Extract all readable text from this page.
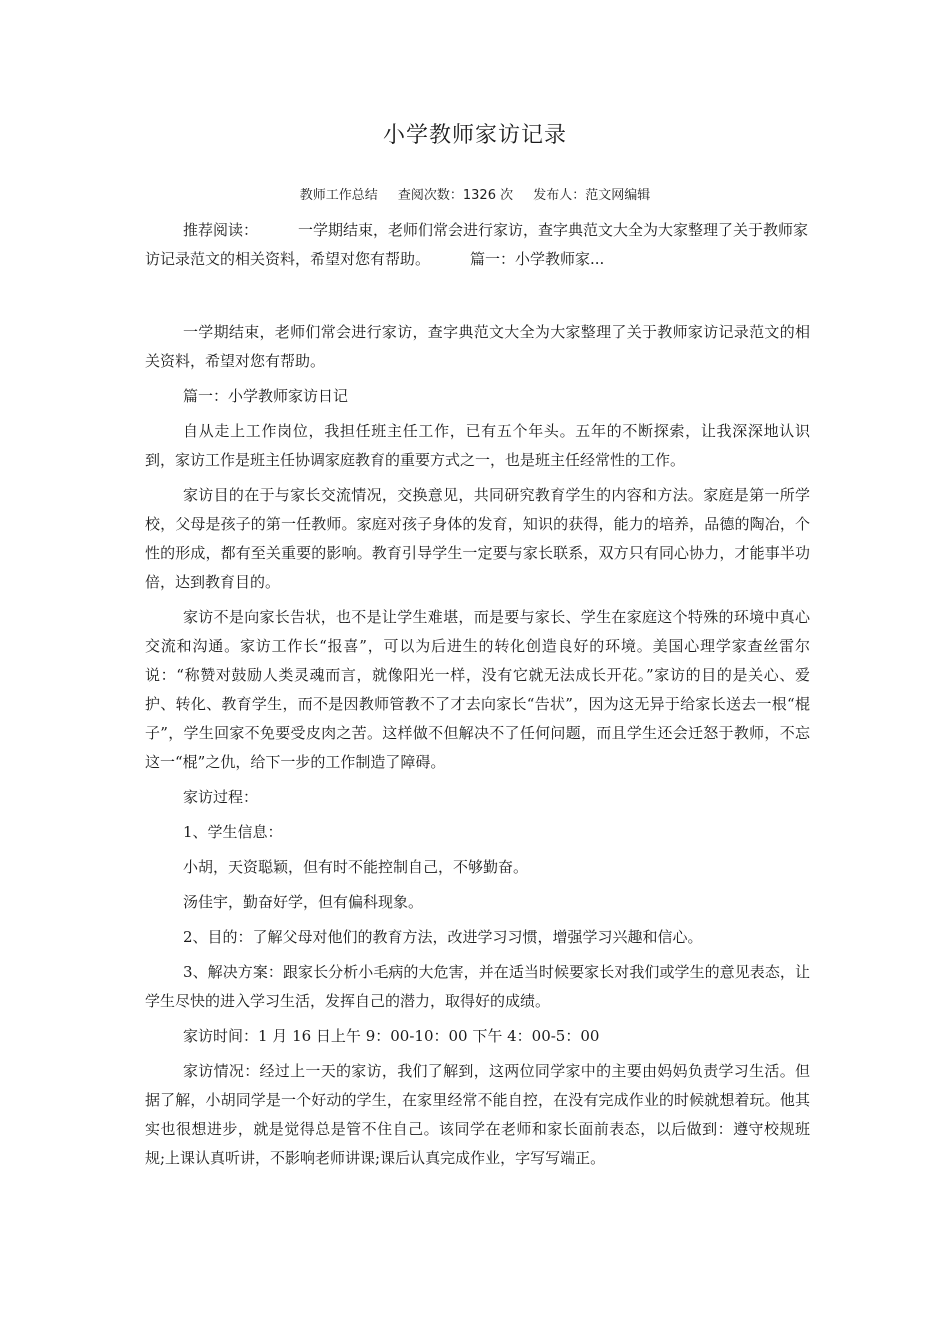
小学教师家访记录
教师工作总结 查阅次数：1326 次 发布人：范文网编辑
推荐阅读：	一学期结束，老师们常会进行家访，查字典范文大全为大家整理了关于教师家访记录范文的相关资料，希望对您有帮助。	篇一：小学教师家...

一学期结束，老师们常会进行家访，查字典范文大全为大家整理了关于教师家访记录范文的相关资料，希望对您有帮助。

篇一：小学教师家访日记

自从走上工作岗位，我担任班主任工作，已有五个年头。五年的不断探索，让我深深地认识到，家访工作是班主任协调家庭教育的重要方式之一，也是班主任经常性的工作。

家访目的在于与家长交流情况，交换意见，共同研究教育学生的内容和方法。家庭是第一所学校，父母是孩子的第一任教师。家庭对孩子身体的发育，知识的获得，能力的培养，品德的陶冶，个性的形成，都有至关重要的影响。教育引导学生一定要与家长联系，双方只有同心协力，才能事半功倍，达到教育目的。

家访不是向家长告状，也不是让学生难堪，而是要与家长、学生在家庭这个特殊的环境中真心交流和沟通。家访工作长“报喜”，可以为后进生的转化创造良好的环境。美国心理学家查丝雷尔说：“称赞对鼓励人类灵魂而言，就像阳光一样，没有它就无法成长开花。”家访的目的是关心、爱护、转化、教育学生，而不是因教师管教不了才去向家长“告状”，因为这无异于给家长送去一根“棍子”，学生回家不免要受皮肉之苦。这样做不但解决不了任何问题，而且学生还会迁怒于教师，不忘这一“棍”之仇，给下一步的工作制造了障碍。

家访过程：

1、学生信息：

小胡，天资聪颖，但有时不能控制自己，不够勤奋。

汤佳宇，勤奋好学，但有偏科现象。

2、目的：了解父母对他们的教育方法，改进学习习惯，增强学习兴趣和信心。

3、解决方案：跟家长分析小毛病的大危害，并在适当时候要家长对我们或学生的意见表态，让学生尽快的进入学习生活，发挥自己的潜力，取得好的成绩。

家访时间：1 月 16 日上午 9：00-10：00 下午 4：00-5：00

家访情况：经过上一天的家访，我们了解到，这两位同学家中的主要由妈妈负责学习生活。但据了解，小胡同学是一个好动的学生，在家里经常不能自控，在没有完成作业的时候就想着玩。他其实也很想进步，就是觉得总是管不住自己。该同学在老师和家长面前表态，以后做到：遵守校规班规;上课认真听讲，不影响老师讲课;课后认真完成作业，字写写端正。
